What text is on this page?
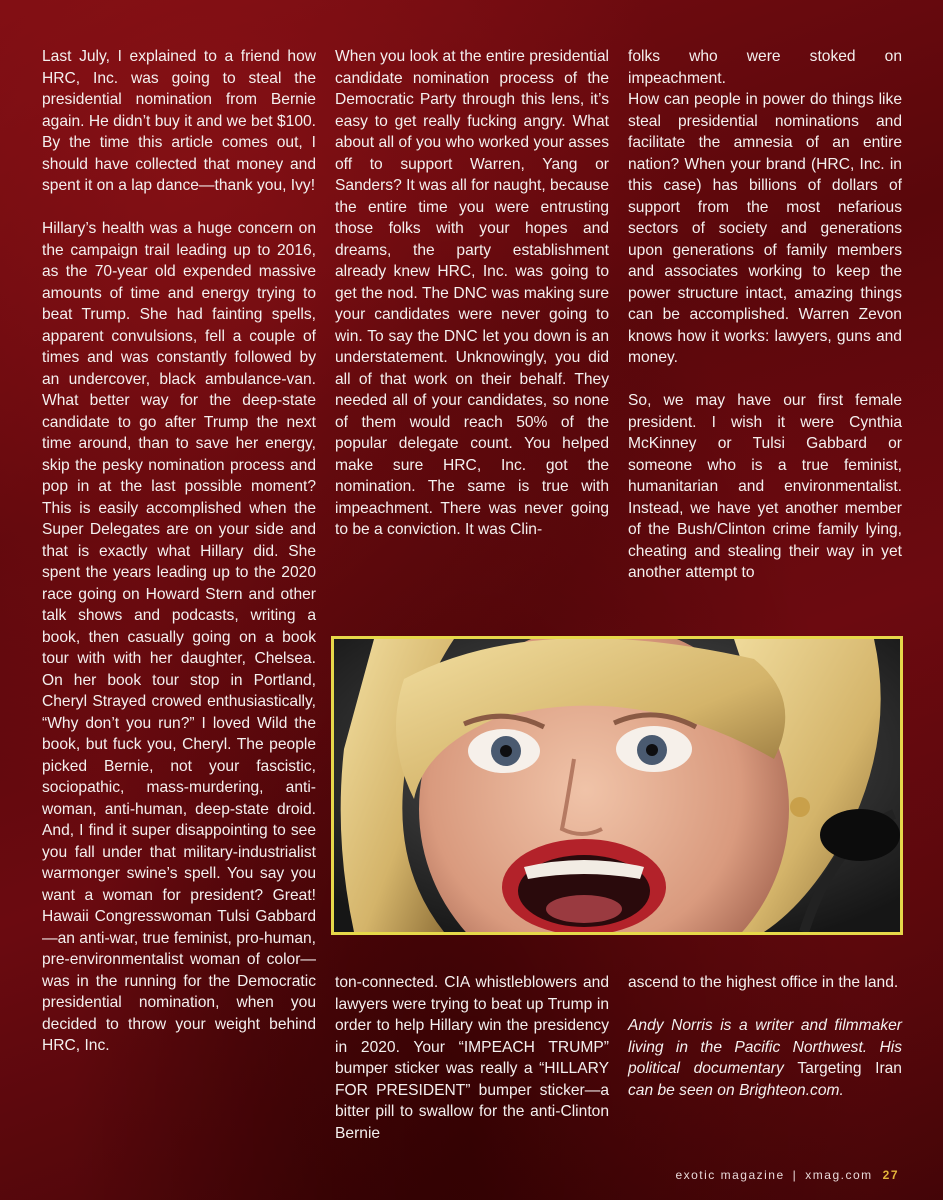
Last July, I explained to a friend how HRC, Inc. was going to steal the presidential nomination from Bernie again. He didn’t buy it and we bet $100. By the time this article comes out, I should have collected that money and spent it on a lap dance—thank you, Ivy!

Hillary’s health was a huge concern on the campaign trail leading up to 2016, as the 70-year old expended massive amounts of time and energy trying to beat Trump. She had fainting spells, apparent convulsions, fell a couple of times and was constantly followed by an undercover, black ambulance-van. What better way for the deep-state candidate to go after Trump the next time around, than to save her energy, skip the pesky nomination process and pop in at the last possible moment? This is easily accomplished when the Super Delegates are on your side and that is exactly what Hillary did. She spent the years leading up to the 2020 race going on Howard Stern and other talk shows and podcasts, writing a book, then casually going on a book tour with with her daughter, Chelsea. On her book tour stop in Portland, Cheryl Strayed crowed enthusiastically, “Why don’t you run?” I loved Wild the book, but fuck you, Cheryl. The people picked Bernie, not your fascistic, sociopathic, mass-murdering, anti-woman, anti-human, deep-state droid. And, I find it super disappointing to see you fall under that military-industrialist warmonger swine’s spell. You say you want a woman for president? Great! Hawaii Congresswoman Tulsi Gabbard—an anti-war, true feminist, pro-human, pre-environmentalist woman of color—was in the running for the Democratic presidential nomination, when you decided to throw your weight behind HRC, Inc.

When you look at the entire presidential candidate nomination process of the Democratic Party through this lens, it’s easy to get really fucking angry. What about all of you who worked your asses off to support Warren, Yang or Sanders? It was all for naught, because the entire time you were entrusting those folks with your hopes and dreams, the party establishment already knew HRC, Inc. was going to get the nod. The DNC was making sure your candidates were never going to win. To say the DNC let you down is an understatement. Unknowingly, you did all of that work on their behalf. They needed all of your candidates, so none of them would reach 50% of the popular delegate count. You helped make sure HRC, Inc. got the nomination. The same is true with impeachment. There was never going to be a conviction. It was Clin-

folks who were stoked on impeachment.

How can people in power do things like steal presidential nominations and facilitate the amnesia of an entire nation? When your brand (HRC, Inc. in this case) has billions of dollars of support from the most nefarious sectors of society and generations upon generations of family members and associates working to keep the power structure intact, amazing things can be accomplished. Warren Zevon knows how it works: lawyers, guns and money.

So, we may have our first female president. I wish it were Cynthia McKinney or Tulsi Gabbard or someone who is a true feminist, humanitarian and environmentalist. Instead, we have yet another member of the Bush/Clinton crime family lying, cheating and stealing their way in yet another attempt to

ton-connected. CIA whistleblowers and lawyers were trying to beat up Trump in order to help Hillary win the presidency in 2020. Your “IMPEACH TRUMP” bumper sticker was really a “HILLARY FOR PRESIDENT” bumper sticker—a bitter pill to swallow for the anti-Clinton Bernie

ascend to the highest office in the land.

Andy Norris is a writer and filmmaker living in the Pacific Northwest. His political documentary Targeting Iran can be seen on Brighteon.com.

exotic magazine | xmag.com 27
